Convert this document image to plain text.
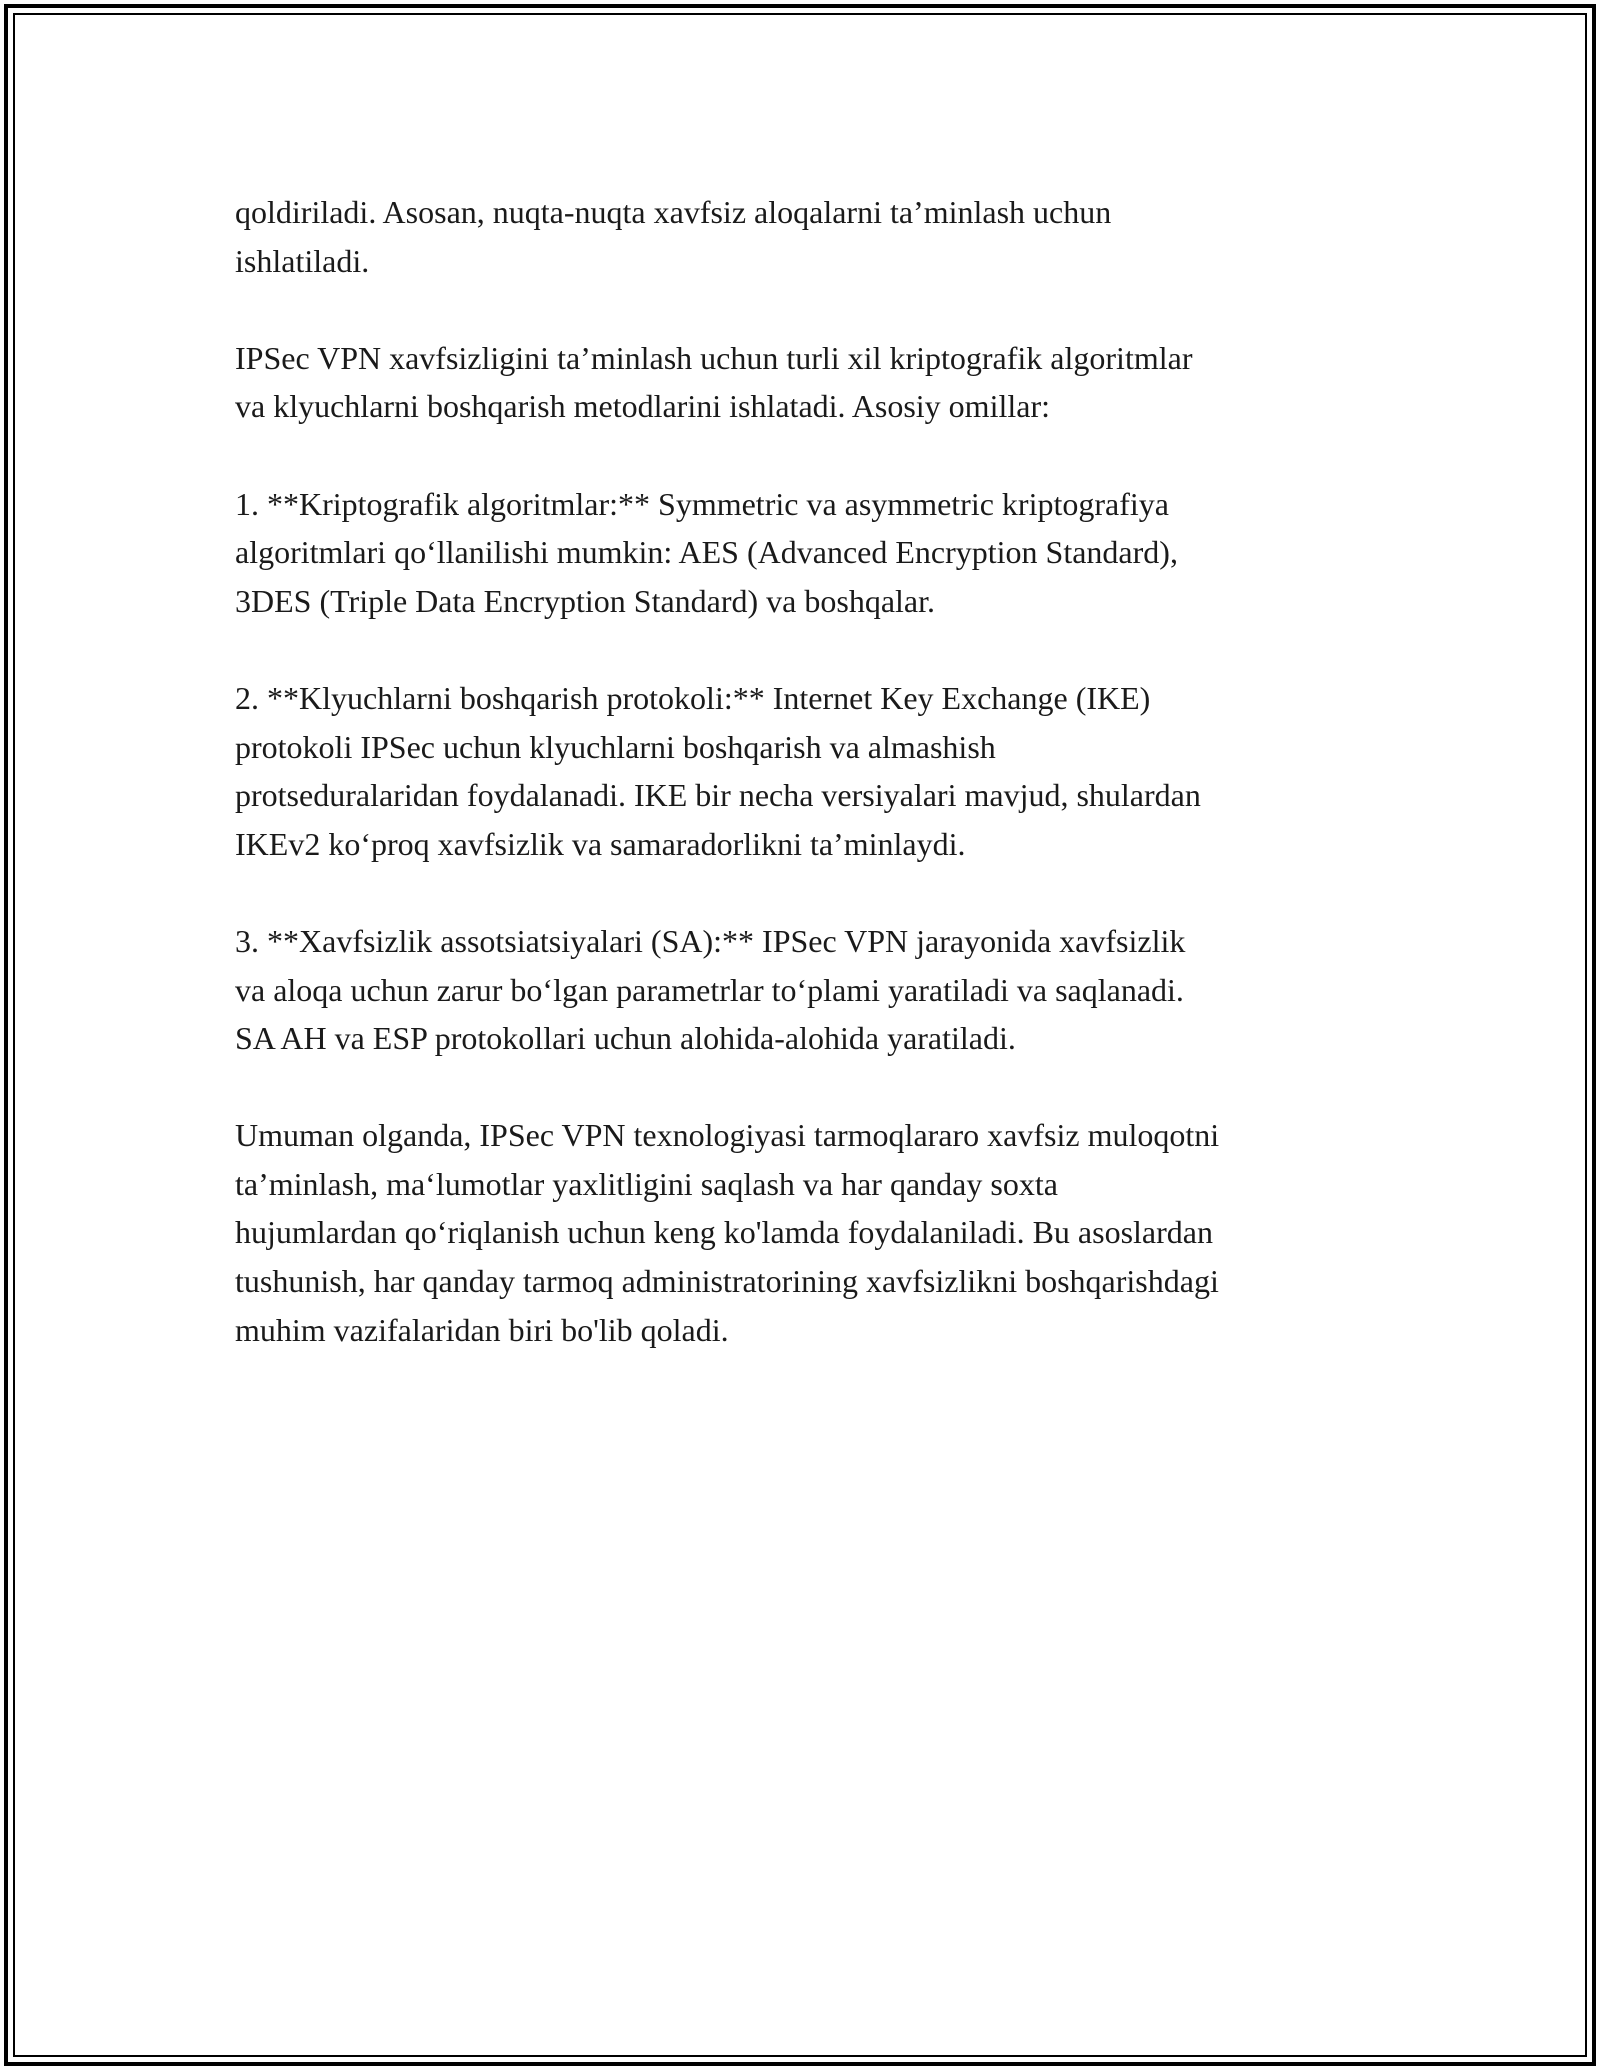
qoldiriladi. Asosan, nuqta-nuqta xavfsiz aloqalarni ta’minlash uchun
ishlatiladi.

IPSec VPN xavfsizligini ta’minlash uchun turli xil kriptografik algoritmlar
va klyuchlarni boshqarish metodlarini ishlatadi. Asosiy omillar:

1. **Kriptografik algoritmlar:** Symmetric va asymmetric kriptografiya
algoritmlari qo‘llanilishi mumkin: AES (Advanced Encryption Standard),
3DES (Triple Data Encryption Standard) va boshqalar.

2. **Klyuchlarni boshqarish protokoli:** Internet Key Exchange (IKE)
protokoli IPSec uchun klyuchlarni boshqarish va almashish
protseduralaridan foydalanadi. IKE bir necha versiyalari mavjud, shulardan
IKEv2 ko‘proq xavfsizlik va samaradorlikni ta’minlaydi.

3. **Xavfsizlik assotsiatsiyalari (SA):** IPSec VPN jarayonida xavfsizlik
va aloqa uchun zarur bo‘lgan parametrlar to‘plami yaratiladi va saqlanadi.
SA AH va ESP protokollari uchun alohida-alohida yaratiladi.

Umuman olganda, IPSec VPN texnologiyasi tarmoqlararo xavfsiz muloqotni
ta’minlash, ma‘lumotlar yaxlitligini saqlash va har qanday soxta
hujumlardan qo‘riqlanish uchun keng ko'lamda foydalaniladi. Bu asoslardan
tushunish, har qanday tarmoq administratorining xavfsizlikni boshqarishdagi
muhim vazifalaridan biri bo'lib qoladi.
